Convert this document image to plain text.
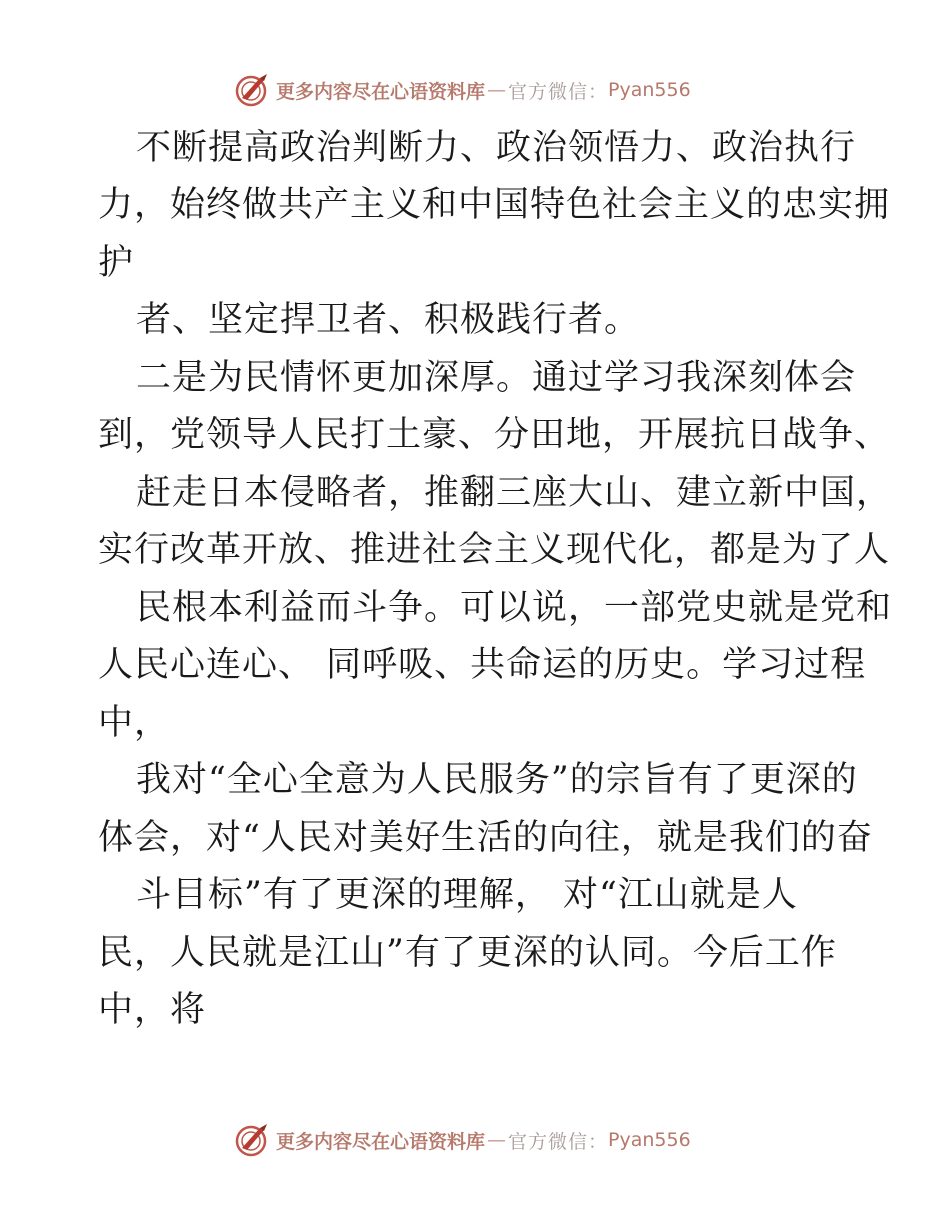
更多内容尽在心语资料库 — 官方微信： Pyan556
不断提高政治判断力、政治领悟力、政治执行
力，始终做共产主义和中国特色社会主义的忠实拥
护
者、坚定捍卫者、积极践行者。
二是为民情怀更加深厚。通过学习我深刻体会
到，党领导人民打土豪、分田地，开展抗日战争、
赶走日本侵略者，推翻三座大山、建立新中国，
实行改革开放、推进社会主义现代化，都是为了人
民根本利益而斗争。可以说，一部党史就是党和
人民心连心、 同呼吸、共命运的历史。学习过程
中，
我对“全心全意为人民服务”的宗旨有了更深的
体会，对“人民对美好生活的向往，就是我们的奋
斗目标”有了更深的理解， 对“江山就是人
民，人民就是江山”有了更深的认同。今后工作
中，将
更多内容尽在心语资料库 — 官方微信： Pyan556
